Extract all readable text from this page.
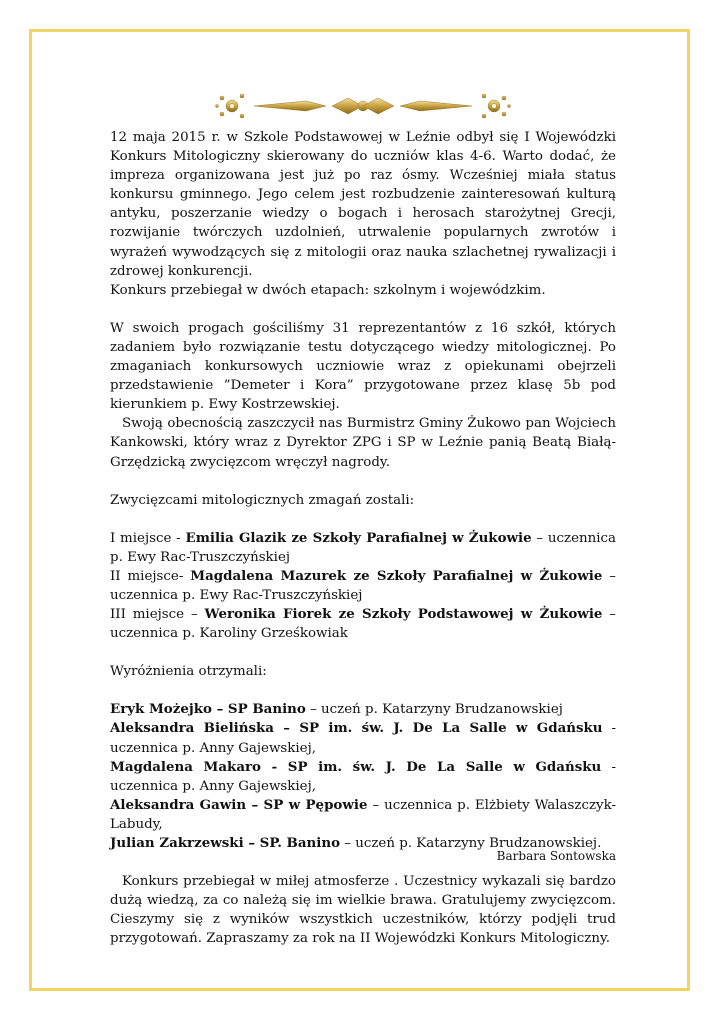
12 maja 2015 r. w Szkole Podstawowej w Leźnie odbył się I Wojewódzki Konkurs Mitologiczny skierowany do uczniów klas 4-6. Warto dodać, że impreza organizowana jest już po raz ósmy. Wcześniej miała status konkursu gminnego. Jego celem jest rozbudzenie zainteresowań kulturą antyku, poszerzanie wiedzy o bogach i herosach starożytnej Grecji, rozwijanie twórczych uzdolnień, utrwalenie popularnych zwrotów i wyrażeń wywodzących się z mitologii oraz nauka szlachetnej rywalizacji i zdrowej konkurencji.

Konkurs przebiegał w dwóch etapach: szkolnym i wojewódzkim.

W swoich progach gościliśmy 31 reprezentantów z 16 szkół, których zadaniem było rozwiązanie testu dotyczącego wiedzy mitologicznej. Po zmaganiach konkursowych uczniowie wraz z opiekunami obejrzeli przedstawienie ”Demeter i Kora” przygotowane przez klasę 5b pod kierunkiem p. Ewy Kostrzewskiej.

Swoją obecnością zaszczycił nas Burmistrz Gminy Żukowo pan Wojciech Kankowski, który wraz z Dyrektor ZPG i SP w Leźnie panią Beatą Białą-Grzędzicką zwycięzcom wręczył nagrody.

Zwycięzcami mitologicznych zmagań zostali:

I miejsce - Emilia Glazik ze Szkoły Parafialnej w Żukowie – uczennica p. Ewy Rac-Truszczyńskiej

II miejsce- Magdalena Mazurek ze Szkoły Parafialnej w Żukowie – uczennica p. Ewy Rac-Truszczyńskiej

III miejsce – Weronika Fiorek ze Szkoły Podstawowej w Żukowie – uczennica p. Karoliny Grześkowiak

Wyróżnienia otrzymali:

Eryk Możejko – SP Banino – uczeń p. Katarzyny Brudzanowskiej

Aleksandra Bielińska – SP im. św. J. De La Salle w Gdańsku - uczennica p. Anny Gajewskiej,

Magdalena Makaro - SP im. św. J. De La Salle w Gdańsku - uczennica p. Anny Gajewskiej,

Aleksandra Gawin – SP w Pępowie – uczennica p. Elżbiety Walaszczyk-Labudy,

Julian Zakrzewski – SP. Banino – uczeń p. Katarzyny Brudzanowskiej.

Konkurs przebiegał w miłej atmosferze . Uczestnicy wykazali się bardzo dużą wiedzą, za co należą się im wielkie brawa. Gratulujemy zwycięzcom. Cieszymy się z wyników wszystkich uczestników, którzy podjęli trud przygotowań. Zapraszamy za rok na II Wojewódzki Konkurs Mitologiczny.

Barbara Sontowska
